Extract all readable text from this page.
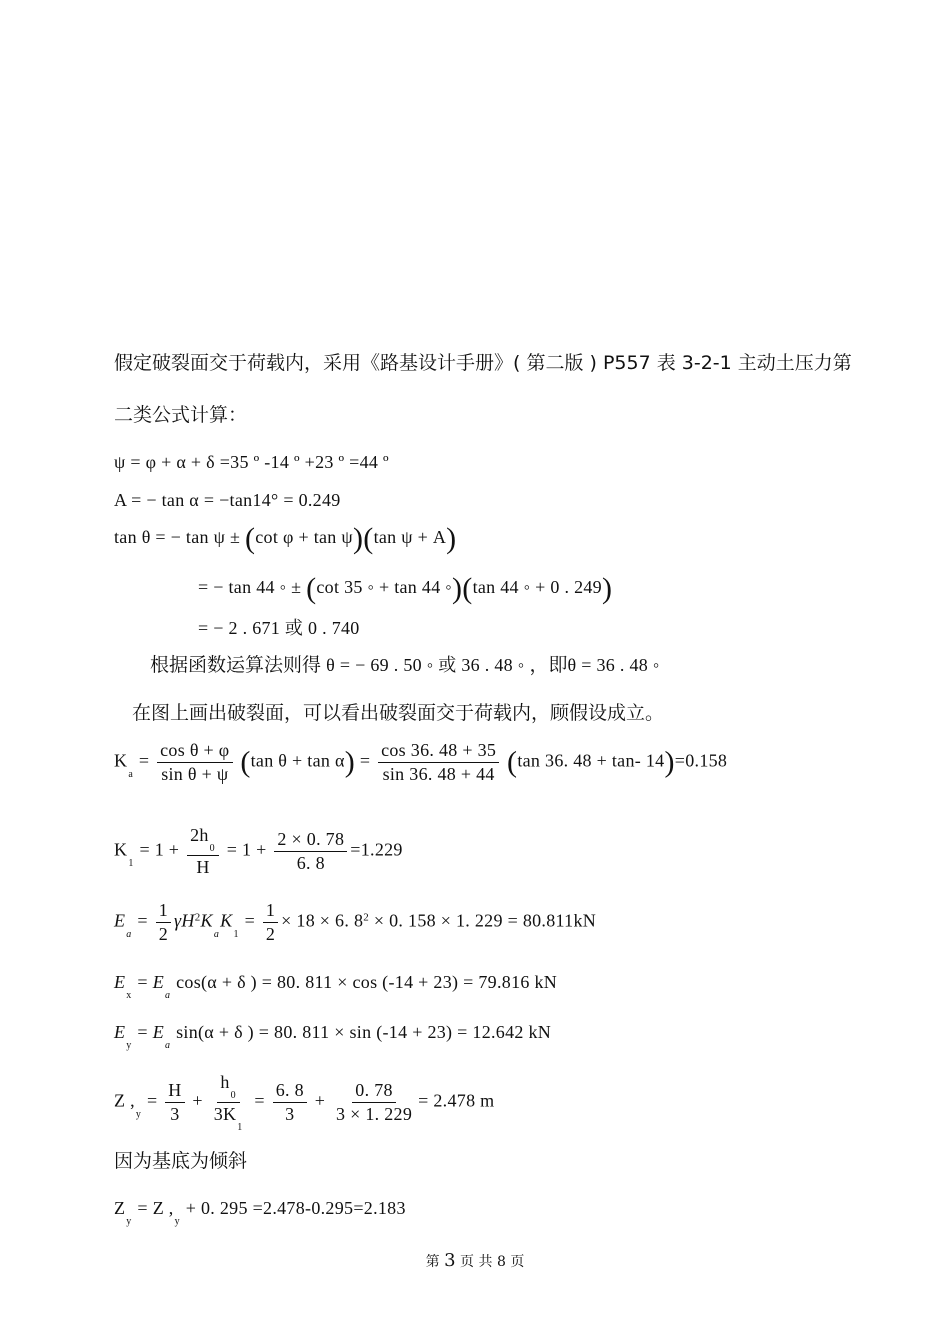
假定破裂面交于荷载内，采用《路基设计手册》( 第二版 ) P557 表 3-2-1 主动土压力第
二类公式计算：
ψ = φ + α + δ =35 º -14 º +23 º =44 º
A = − tan α = −tan14° = 0.249
tan θ = − tan ψ ± (cot φ + tan ψ)(tan ψ + A)
= − tan 44 ◦ ± (cot 35 ◦ + tan 44 ◦)(tan 44 ◦ + 0 . 249)
= − 2 . 671 或 0 . 740
根据函数运算法则得 θ = − 69 . 50 ◦ 或 36 . 48 ◦ ，即θ = 36 . 48 ◦
在图上画出破裂面，可以看出破裂面交于荷载内，顾假设成立。
$K_a = \frac{\text{cos θ + φ}}{\text{sin θ + ψ}} (\tan$ $\theta + \tan \alpha) = \frac{\cos 36. 48 + 35}{\sin 36. 48 + 44} (\tan$ 36. 48 + tan- 14)=0.158
$K_1 = 1 + \frac{2h_0}{H} = 1 + \frac{2 \times 0. 78}{6. 8} =1.229$
$E_a = \frac{1}{2} \gamma H^2K_aK_1 = \frac{1}{2} \times 18 \times 6$. $8^2 \times 0$. 158 × 1. 229 = 80.811kN
$E_x = E_a$ cos(α + δ ) = 80. 811 × cos (-14 + 23) = 79.816 kN
$E_y = E_a$ sin(α + δ ) = 80. 811 × sin (-14 + 23) = 12.642 kN
Z $,_y = \frac{H}{3} + \frac{h_0}{3K_1} = \frac{6. 8}{3} + \frac{0. 78}{3 \times 1. 229} = 2.478$ m
因为基底为倾斜
$Z_y = Z$ $,_y + 0$. 295 =2.478-0.295=2.183
第 3 页 共 8 页
